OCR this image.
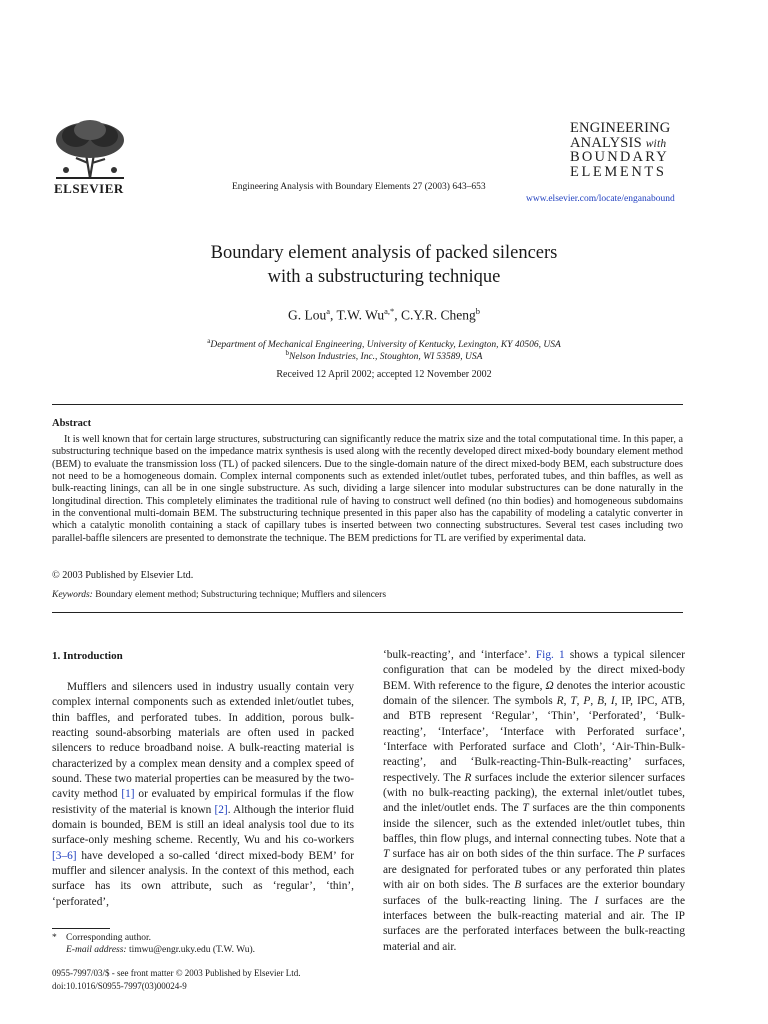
ELSEVIER	Engineering Analysis with Boundary Elements 27 (2003) 643–653
ENGINEERING
ANALYSIS with
BOUNDARY
ELEMENTS
www.elsevier.com/locate/enganabound
Boundary element analysis of packed silencers
with a substructuring technique
G. Lou$^a$, T.W. $Wu^{a,*}$, C.Y.R. Cheng$^b$
$^a$Department of Mechanical Engineering, University of Kentucky, Lexington, KY 40506, USA
$^b$Nelson Industries, Inc., Stoughton, WI 53589, USA
Received 12 April 2002; accepted 12 November 2002
Abstract

It is well known that for certain large structures, substructuring can significantly reduce the matrix size and the total computational time. In this paper, a substructuring technique based on the impedance matrix synthesis is used along with the recently developed direct mixed-body boundary element method (BEM) to evaluate the transmission loss (TL) of packed silencers. Due to the single-domain nature of the direct mixed-body BEM, each substructure does not need to be a homogeneous domain. Complex internal components such as extended inlet/outlet tubes, perforated tubes, and thin baffles, as well as bulk-reacting linings, can all be in one single substructure. As such, dividing a large silencer into modular substructures can be done naturally in the longitudinal direction. This completely eliminates the traditional rule of having to construct well defined (no thin bodies) and homogeneous subdomains in the conventional multi-domain BEM. The substructuring technique presented in this paper also has the capability of modeling a catalytic converter in which a catalytic monolith containing a stack of capillary tubes is inserted between two connecting substructures. Several test cases including two parallel-baffle silencers are presented to demonstrate the technique. The BEM predictions for TL are verified by experimental data.

© 2003 Published by Elsevier Ltd.
Keywords: Boundary element method; Substructuring technique; Mufflers and silencers
1. Introduction

Mufflers and silencers used in industry usually contain very complex internal components such as extended inlet/outlet tubes, thin baffles, and perforated tubes. In addition, porous bulk-reacting sound-absorbing materials are often used in packed silencers to reduce broadband noise. A bulk-reacting material is characterized by a complex mean density and a complex speed of sound. These two material properties can be measured by the two-cavity method [1] or evaluated by empirical formulas if the flow resistivity of the material is known [2]. Although the interior fluid domain is bounded, BEM is still an ideal analysis tool due to its surface-only meshing scheme. Recently, Wu and his co-workers [3–6] have developed a so-called ‘direct mixed-body BEM’ for muffler and silencer analysis. In the context of this method, each surface has its own attribute, such as ‘regular’, ‘thin’, ‘perforated’,

‘bulk-reacting’, and ‘interface’. Fig. 1 shows a typical silencer configuration that can be modeled by the direct mixed-body BEM. With reference to the figure, Ω denotes the interior acoustic domain of the silencer. The symbols R, T, P, B, I, IP, IPC, ATB, and BTB represent ‘Regular’, ‘Thin’, ‘Perforated’, ‘Bulk-reacting’, ‘Interface’, ‘Interface with Perforated surface’, ‘Interface with Perforated surface and Cloth’, ‘Air-Thin-Bulk-reacting’, and ‘Bulk-reacting-Thin-Bulk-reacting’ surfaces, respectively. The R surfaces include the exterior silencer surfaces (with no bulk-reacting packing), the external inlet/outlet tubes, and the inlet/outlet ends. The T surfaces are the thin components inside the silencer, such as the extended inlet/outlet tubes, thin baffles, thin flow plugs, and internal connecting tubes. Note that a T surface has air on both sides of the thin surface. The P surfaces are designated for perforated tubes or any perforated thin plates with air on both sides. The B surfaces are the exterior boundary surfaces of the bulk-reacting lining. The I surfaces are the interfaces between the bulk-reacting material and air. The IP surfaces are the perforated interfaces between the bulk-reacting material and air.

* Corresponding author.
E-mail address: timwu@engr.uky.edu (T.W. Wu).
0955-7997/03/$ - see front matter © 2003 Published by Elsevier Ltd.
doi:10.1016/S0955-7997(03)00024-9
